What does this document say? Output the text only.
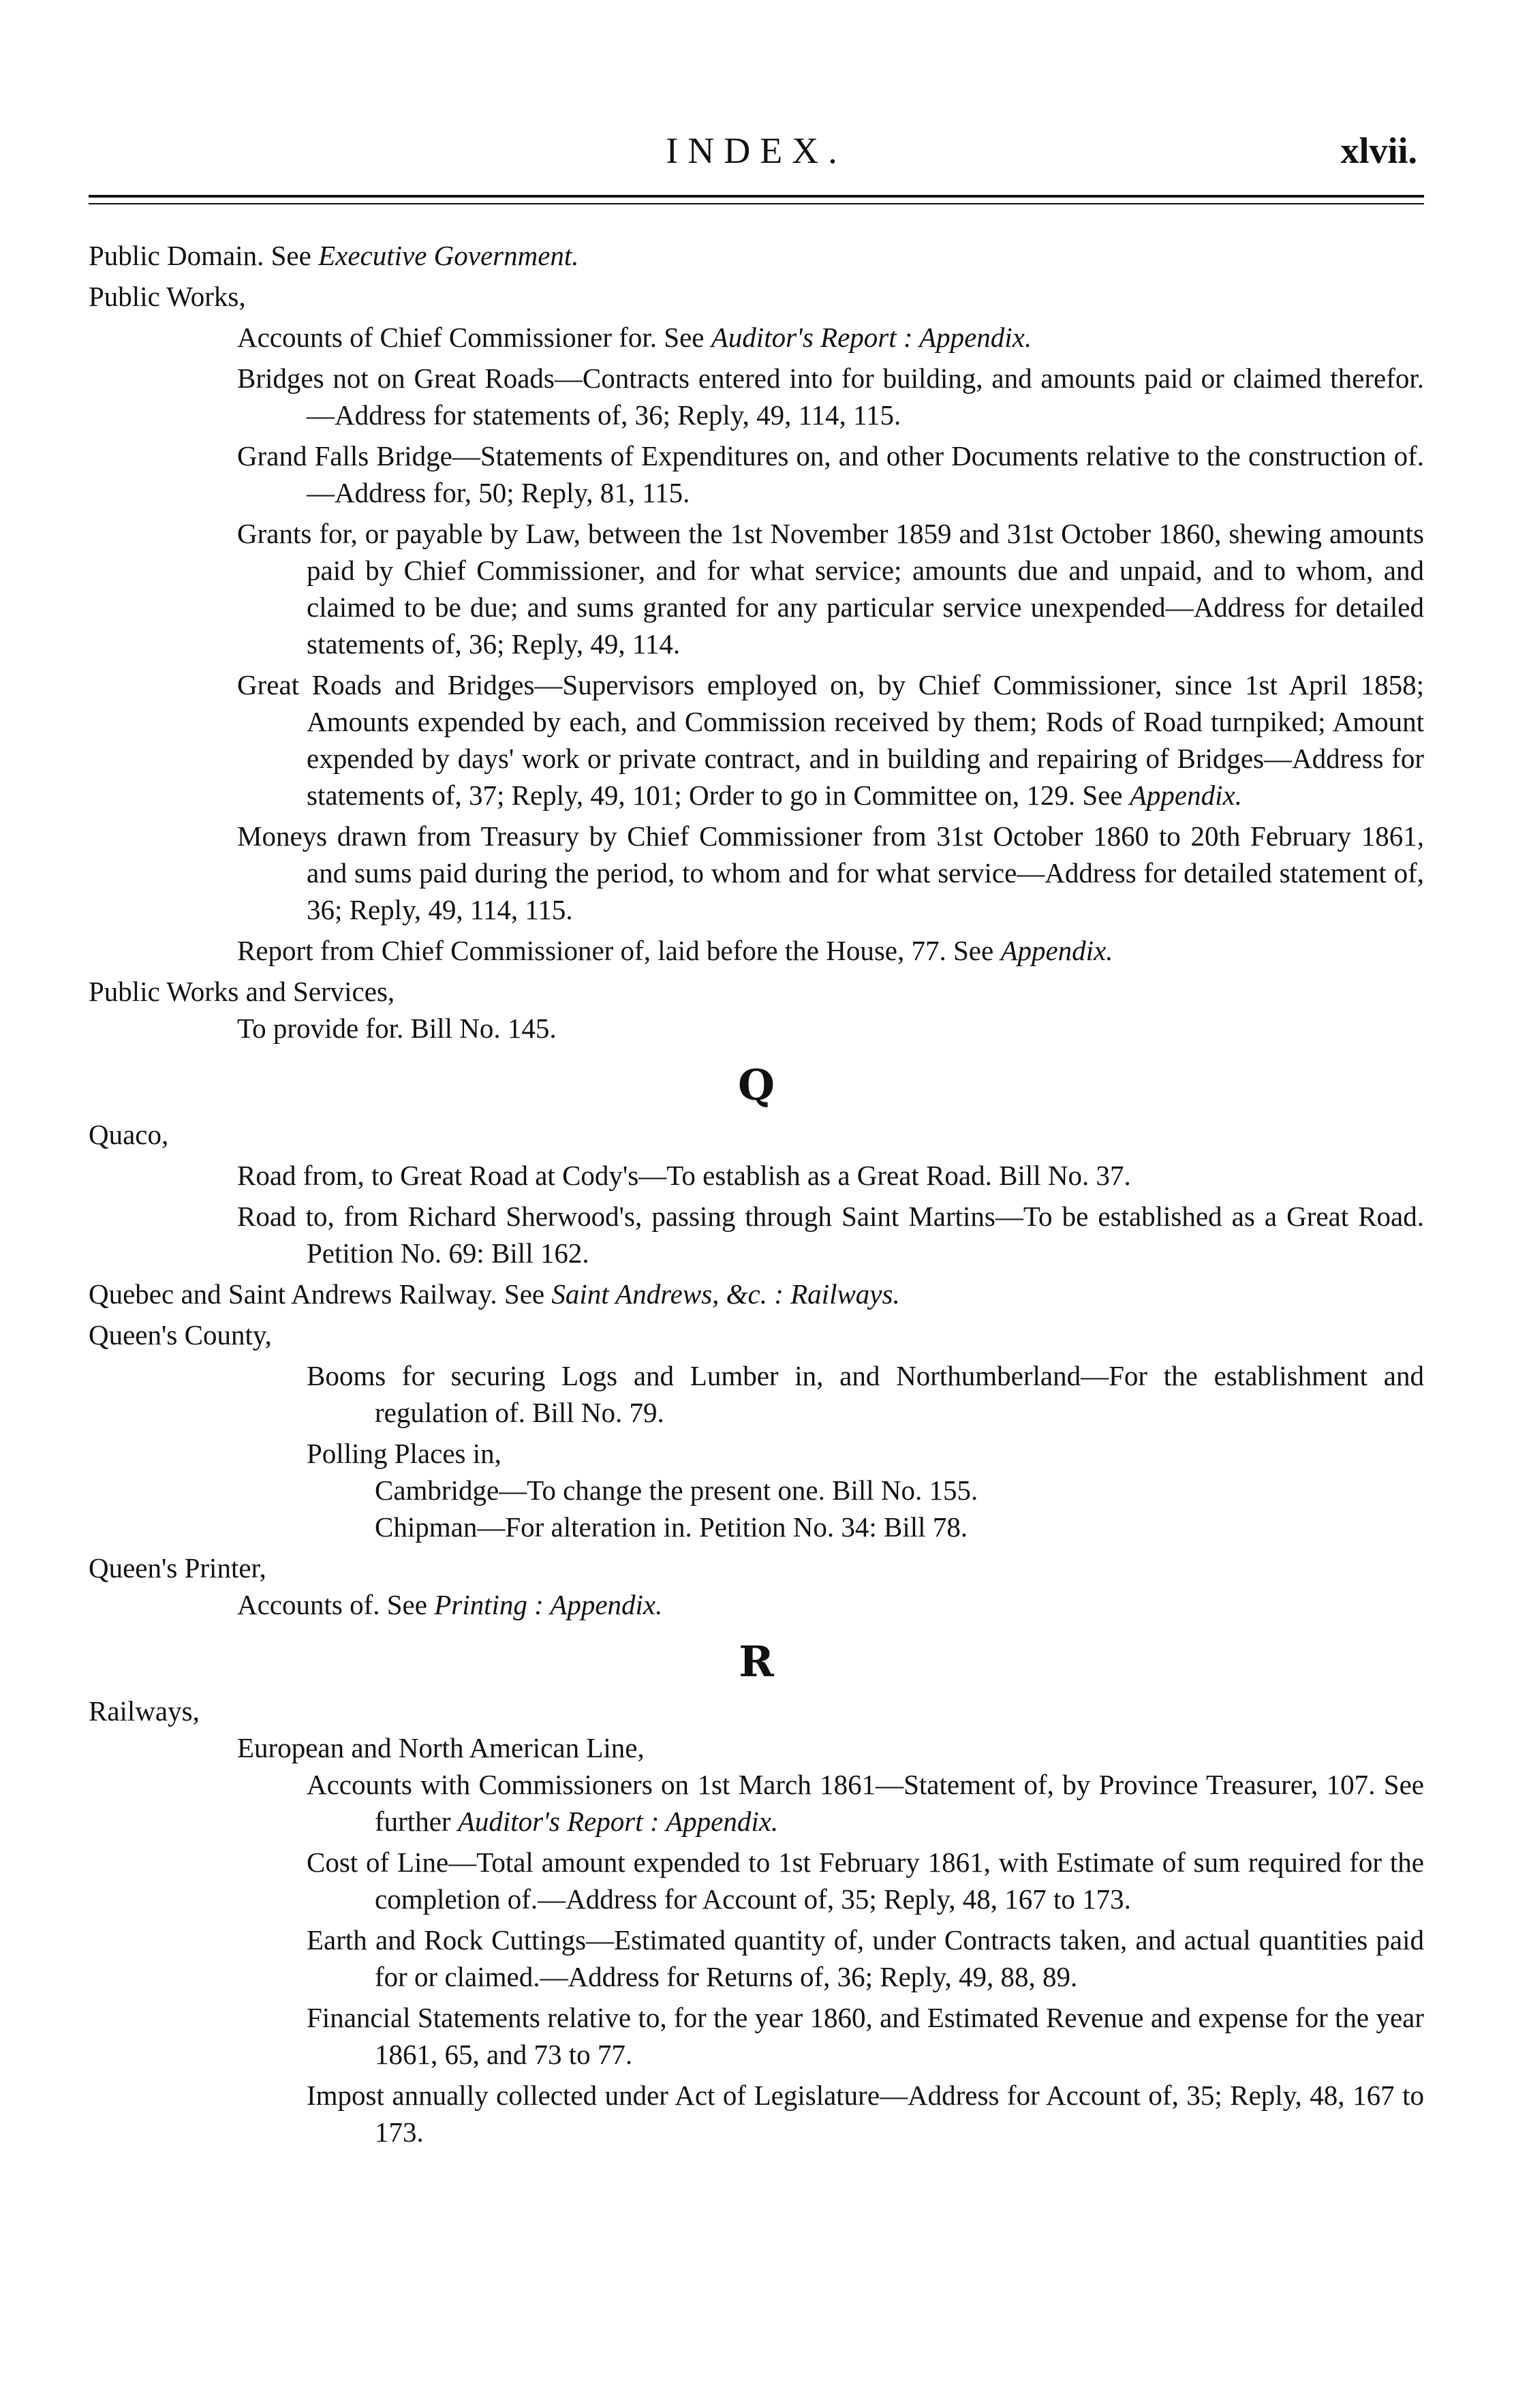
INDEX.	xlvii.
Public Domain. See Executive Government.
Public Works,
Accounts of Chief Commissioner for. See Auditor's Report : Appendix.
Bridges not on Great Roads—Contracts entered into for building, and amounts paid or claimed therefor.—Address for statements of, 36; Reply, 49, 114, 115.
Grand Falls Bridge—Statements of Expenditures on, and other Documents relative to the construction of.—Address for, 50; Reply, 81, 115.
Grants for, or payable by Law, between the 1st November 1859 and 31st October 1860, shewing amounts paid by Chief Commissioner, and for what service; amounts due and unpaid, and to whom, and claimed to be due; and sums granted for any particular service unexpended—Address for detailed statements of, 36; Reply, 49, 114.
Great Roads and Bridges—Supervisors employed on, by Chief Commissioner, since 1st April 1858; Amounts expended by each, and Commission received by them; Rods of Road turnpiked; Amount expended by days' work or private contract, and in building and repairing of Bridges—Address for statements of, 37; Reply, 49, 101; Order to go in Committee on, 129. See Appendix.
Moneys drawn from Treasury by Chief Commissioner from 31st October 1860 to 20th February 1861, and sums paid during the period, to whom and for what service—Address for detailed statement of, 36; Reply, 49, 114, 115.
Report from Chief Commissioner of, laid before the House, 77. See Appendix.
Public Works and Services,
To provide for. Bill No. 145.
Q
Quaco,
Road from, to Great Road at Cody's—To establish as a Great Road. Bill No. 37.
Road to, from Richard Sherwood's, passing through Saint Martins—To be established as a Great Road. Petition No. 69: Bill 162.
Quebec and Saint Andrews Railway. See Saint Andrews, &c. : Railways.
Queen's County,
Booms for securing Logs and Lumber in, and Northumberland—For the establishment and regulation of. Bill No. 79.
Polling Places in,
Cambridge—To change the present one. Bill No. 155.
Chipman—For alteration in. Petition No. 34: Bill 78.
Queen's Printer,
Accounts of. See Printing : Appendix.
R
Railways,
European and North American Line,
Accounts with Commissioners on 1st March 1861—Statement of, by Province Treasurer, 107. See further Auditor's Report : Appendix.
Cost of Line—Total amount expended to 1st February 1861, with Estimate of sum required for the completion of.—Address for Account of, 35; Reply, 48, 167 to 173.
Earth and Rock Cuttings—Estimated quantity of, under Contracts taken, and actual quantities paid for or claimed.—Address for Returns of, 36; Reply, 49, 88, 89.
Financial Statements relative to, for the year 1860, and Estimated Revenue and expense for the year 1861, 65, and 73 to 77.
Impost annually collected under Act of Legislature—Address for Account of, 35; Reply, 48, 167 to 173.
